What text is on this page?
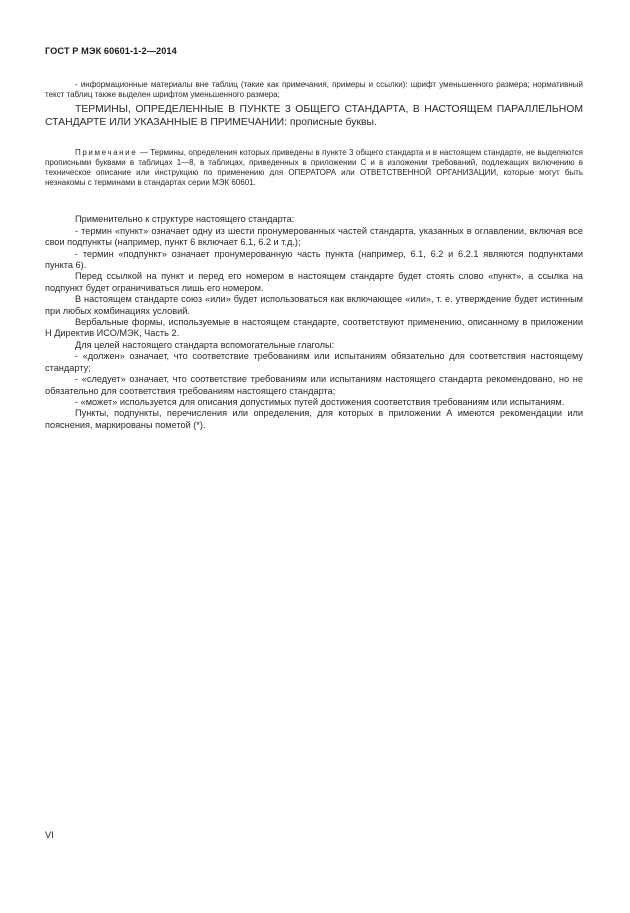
ГОСТ Р МЭК 60601-1-2—2014

- информационные материалы вне таблиц (такие как примечания, примеры и ссылки): шрифт уменьшенного размера; нормативный текст таблиц также выделен шрифтом уменьшенного размера;

ТЕРМИНЫ, ОПРЕДЕЛЕННЫЕ В ПУНКТЕ 3 ОБЩЕГО СТАНДАРТА, В НАСТОЯЩЕМ ПАРАЛЛЕЛЬНОМ СТАНДАРТЕ ИЛИ УКАЗАННЫЕ В ПРИМЕЧАНИИ: прописные буквы.

Примечание — Термины, определения которых приведены в пункте 3 общего стандарта и в настоящем стандарте, не выделяются прописными буквами в таблицах 1—8, в таблицах, приведенных в приложении С и в изложении требований, подлежащих включению в техническое описание или инструкцию по применению для ОПЕРАТОРА или ОТВЕТСТВЕННОЙ ОРГАНИЗАЦИИ, которые могут быть незнакомы с терминами в стандартах серии МЭК 60601.

Применительно к структуре настоящего стандарта:

- термин «пункт» означает одну из шести пронумерованных частей стандарта, указанных в оглавлении, включая все свои подпункты (например, пункт 6 включает 6.1, 6.2 и т.д.);

- термин «подпункт» означает пронумерованную часть пункта (например, 6.1, 6.2 и 6.2.1 являются подпунктами пункта 6).

Перед ссылкой на пункт и перед его номером в настоящем стандарте будет стоять слово «пункт», а ссылка на подпункт будет ограничиваться лишь его номером.

В настоящем стандарте союз «или» будет использоваться как включающее «или», т. е. утверждение будет истинным при любых комбинациях условий.

Вербальные формы, используемые в настоящем стандарте, соответствуют применению, описанному в приложении Н Директив ИСО/МЭК, Часть 2.

Для целей настоящего стандарта вспомогательные глаголы:

- «должен» означает, что соответствие требованиям или испытаниям обязательно для соответствия настоящему стандарту;

- «следует» означает, что соответствие требованиям или испытаниям настоящего стандарта рекомендовано, но не обязательно для соответствия требованиям настоящего стандарта;

- «может» используется для описания допустимых путей достижения соответствия требованиям или испытаниям.

Пункты, подпункты, перечисления или определения, для которых в приложении А имеются рекомендации или пояснения, маркированы пометой (*).

VI
